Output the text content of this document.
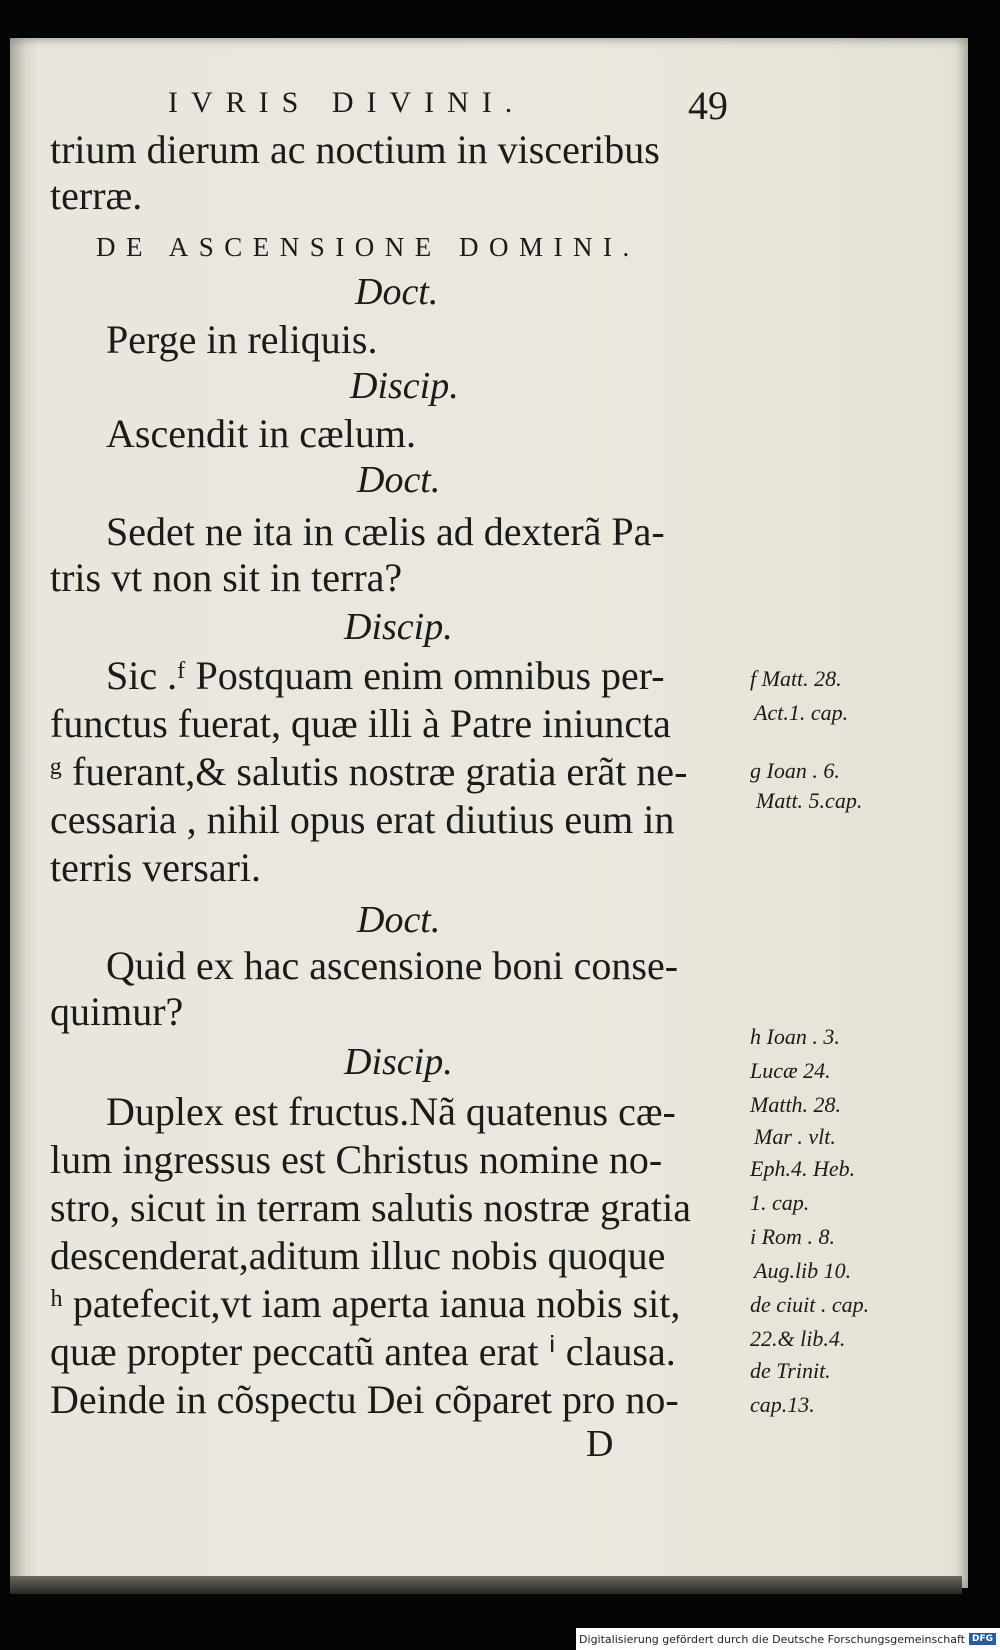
IVRIS DIVINI.	49
trium dierum ac noctium in visceribus
terræ.
DE ASCENSIONE DOMINI.
Doct.
Perge in reliquis.
Discip.
Ascendit in cælum.
Doct.
Sedet ne ita in cælis ad dexterã Pa-
tris vt non sit in terra?
Discip.
Sic .ᶠ Postquam enim omnibus per-
functus fuerat, quæ illi à Patre iniuncta
ᵍ fuerant,& salutis nostræ gratia erãt ne-
cessaria , nihil opus erat diutius eum in
terris versari.
Doct.
Quid ex hac ascensione boni conse-
quimur?
Discip.
Duplex est fructus.Nã quatenus cæ-
lum ingressus est Christus nomine no-
stro, sicut in terram salutis nostræ gratia
descenderat,aditum illuc nobis quoque
ʰ patefecit,vt iam aperta ianua nobis sit,
quæ propter peccatũ antea erat ⁱ clausa.
Deinde in cõspectu Dei cõparet pro no-
D
f Matt. 28.
Act.1. cap.
g Ioan . 6.
Matt. 5.cap.
h Ioan . 3.
Lucæ 24.
Matth. 28.
Mar . vlt.
Eph.4. Heb.
1. cap.
i Rom . 8.
Aug.lib 10.
de ciuit . cap.
22.& lib.4.
de Trinit.
cap.13.
Digitalisierung gefördert durch die Deutsche Forschungsgemeinschaft DFG
